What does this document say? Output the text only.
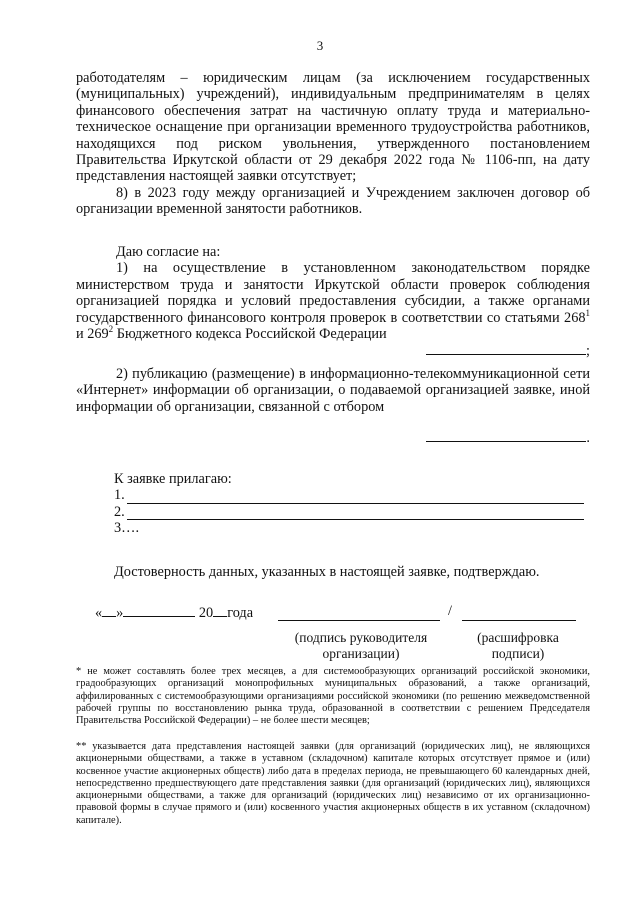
3

работодателям – юридическим лицам (за исключением государственных (муниципальных) учреждений), индивидуальным предпринимателям в целях финансового обеспечения затрат на частичную оплату труда и материально-техническое оснащение при организации временного трудоустройства работников, находящихся под риском увольнения, утвержденного постановлением Правительства Иркутской области от 29 декабря 2022 года № 1106-пп, на дату представления настоящей заявки отсутствует;

8) в 2023 году между организацией и Учреждением заключен договор об организации временной занятости работников.

Даю согласие на:

1) на осуществление в установленном законодательством порядке министерством труда и занятости Иркутской области проверок соблюдения организацией порядка и условий предоставления субсидии, а также органами государственного финансового контроля проверок в соответствии со статьями $268^1$ и $269^2$ Бюджетного кодекса Российской Федерации

;

2) публикацию (размещение) в информационно-телекоммуникационной сети «Интернет» информации об организации, о подаваемой организацией заявке, иной информации об организации, связанной с отбором

.

К заявке прилагаю:

1.
2.
3….
Достоверность данных, указанных в настоящей заявке, подтверждаю.
« »	20 года	/
(подпись руководителя организации)
(расшифровка подписи)
* не может составлять более трех месяцев, а для системообразующих организаций российской экономики, градообразующих организаций монопрофильных муниципальных образований, а также организаций, аффилированных с системообразующими организациями российской экономики (по решению межведомственной рабочей группы по восстановлению рынка труда, образованной в соответствии с решением Председателя Правительства Российской Федерации) – не более шести месяцев;
** указывается дата представления настоящей заявки (для организаций (юридических лиц), не являющихся акционерными обществами, а также в уставном (складочном) капитале которых отсутствует прямое и (или) косвенное участие акционерных обществ) либо дата в пределах периода, не превышающего 60 календарных дней, непосредственно предшествующего дате представления заявки (для организаций (юридических лиц), являющихся акционерными обществами, а также для организаций (юридических лиц) независимо от их организационно-правовой формы в случае прямого и (или) косвенного участия акционерных обществ в их уставном (складочном) капитале).
